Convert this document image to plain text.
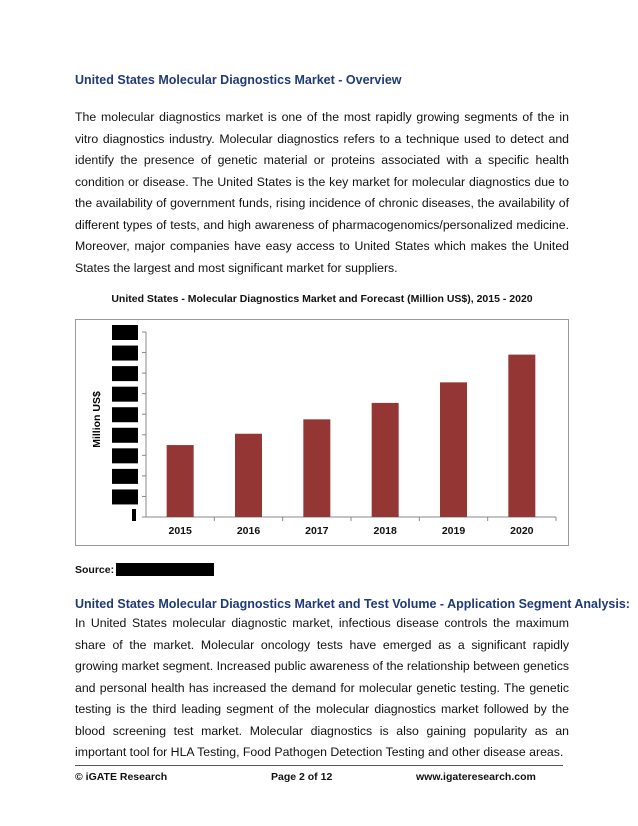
United States Molecular Diagnostics Market - Overview

The molecular diagnostics market is one of the most rapidly growing segments of the in vitro diagnostics industry. Molecular diagnostics refers to a technique used to detect and identify the presence of genetic material or proteins associated with a specific health condition or disease. The United States is the key market for molecular diagnostics due to the availability of government funds, rising incidence of chronic diseases, the availability of different types of tests, and high awareness of pharmacogenomics/personalized medicine. Moreover, major companies have easy access to United States which makes the United States the largest and most significant market for suppliers.

United States - Molecular Diagnostics Market and Forecast (Million US$), 2015 - 2020
Million US$
2015	2016	2017	2018	2019	2020
Source:
United States Molecular Diagnostics Market and Test Volume - Application Segment Analysis:

In United States molecular diagnostic market, infectious disease controls the maximum share of the market. Molecular oncology tests have emerged as a significant rapidly growing market segment. Increased public awareness of the relationship between genetics and personal health has increased the demand for molecular genetic testing. The genetic testing is the third leading segment of the molecular diagnostics market followed by the blood screening test market. Molecular diagnostics is also gaining popularity as an important tool for HLA Testing, Food Pathogen Detection Testing and other disease areas.

© iGATE Research	Page 2 of 12	www.igateresearch.com
